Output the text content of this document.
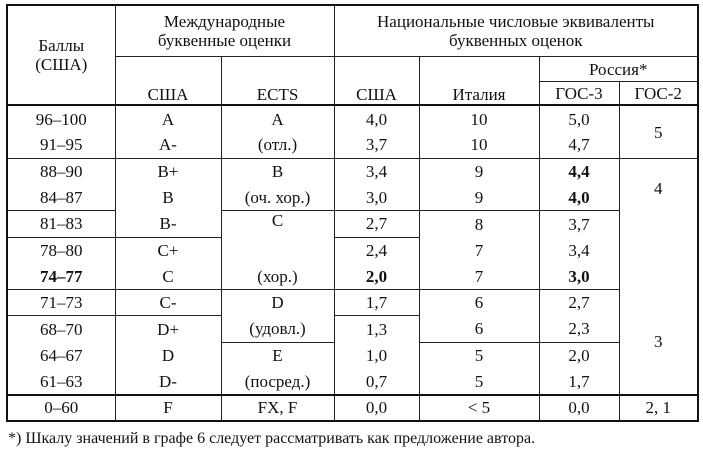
Баллы (США)	Международные буквенные оценки		Национальные числовые эквиваленты буквенных оценок			
	США	ECTS	США	Италия	Россия*	
					ГОС-3	ГОС-2
96–100	A	A	4,0	10	5,0	5
91–95	A-	(отл.)	3,7	10	4,7	
88–90	B+	B	3,4	9	4,4	4
84–87	B	(оч. хор.)	3,0	9	4,0	
81–83	B-	C	2,7	8	3,7	
78–80	C+		2,4	7	3,4	
74–77	C	(хор.)	2,0	7	3,0	
71–73	C-	D	1,7	6	2,7	3
68–70	D+	(удовл.)	1,3	6	2,3	
64–67	D	E	1,0	5	2,0	
61–63	D-	(посред.)	0,7	5	1,7	
0–60	F	FX, F	0,0	< 5	0,0	2, 1
*) Шкалу значений в графе 6 следует рассматривать как предложение автора.
